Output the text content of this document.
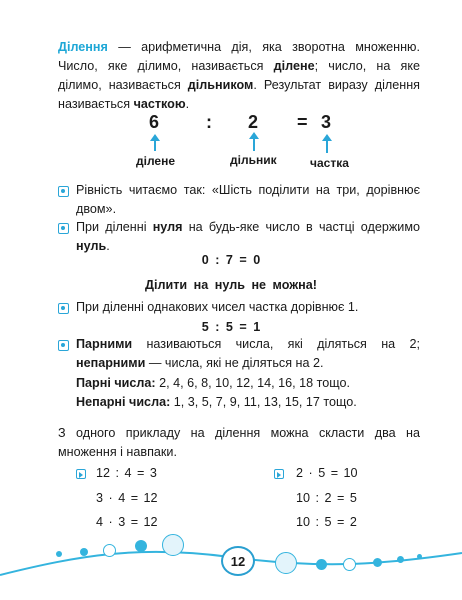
Ділення — арифметична дія, яка зворотна множенню. Число, яке ділимо, називається ділене; число, на яке ділимо, називається дільником. Результат виразу ділення називається часткою.
6	: 2 = 3
ділене	дільник	частка
Рівність читаємо так: «Шість поділити на три, дорівнює двом».
При діленні нуля на будь-яке число в частці одержимо нуль.
0 : 7 = 0
Ділити на нуль не можна!
При діленні однакових чисел частка дорівнює 1.
5 : 5 = 1
Парними називаються числа, які діляться на 2; непарними — числа, які не діляться на 2.
Парні числа: 2, 4, 6, 8, 10, 12, 14, 16, 18 тощо.
Непарні числа: 1, 3, 5, 7, 9, 11, 13, 15, 17 тощо.
З одного прикладу на ділення можна скласти два на множення і навпаки.
12 : 4 = 3
3 · 4 = 12
4 · 3 = 12
2 · 5 = 10
10 : 2 = 5
10 : 5 = 2
12
